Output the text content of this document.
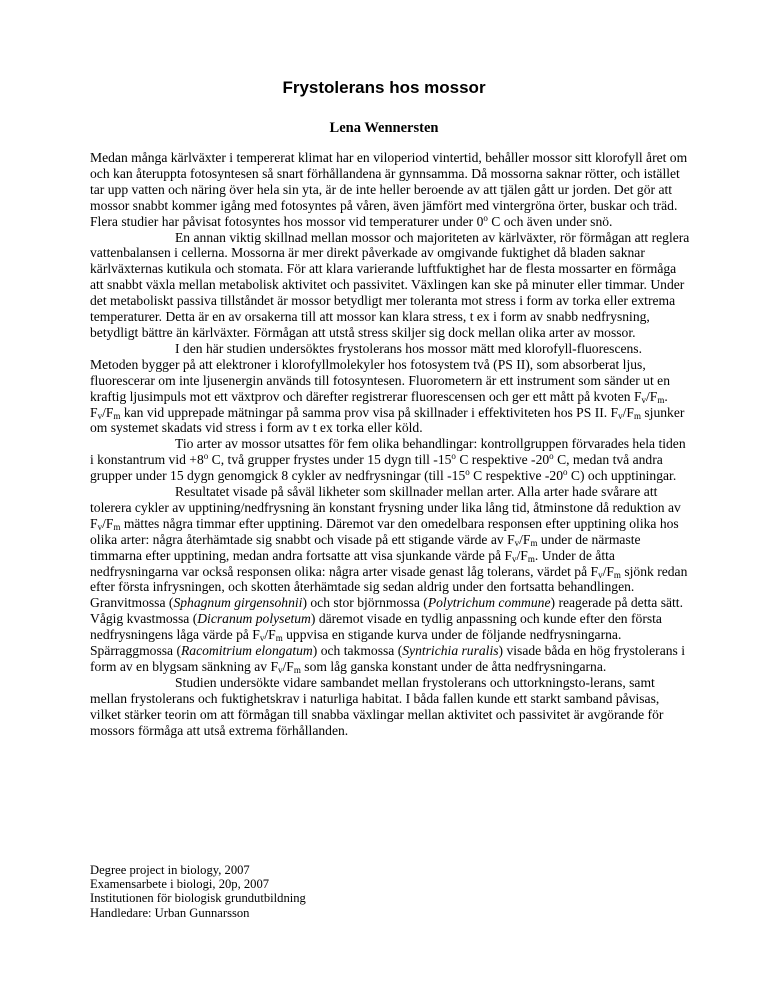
Frystolerans hos mossor
Lena Wennersten

Medan många kärlväxter i tempererat klimat har en viloperiod vintertid, behåller mossor sitt klorofyll året om och kan återuppta fotosyntesen så snart förhållandena är gynnsamma. Då mossorna saknar rötter, och istället tar upp vatten och näring över hela sin yta, är de inte heller beroende av att tjälen gått ur jorden. Det gör att mossor snabbt kommer igång med fotosyntes på våren, även jämfört med vintergröna örter, buskar och träd. Flera studier har påvisat fotosyntes hos mossor vid temperaturer under 0$^o$ C och även under snö.

En annan viktig skillnad mellan mossor och majoriteten av kärlväxter, rör förmågan att reglera vattenbalansen i cellerna. Mossorna är mer direkt påverkade av omgivande fuktighet då bladen saknar kärlväxternas kutikula och stomata. För att klara varierande luftfuktighet har de flesta mossarter en förmåga att snabbt växla mellan metabolisk aktivitet och passivitet. Växlingen kan ske på minuter eller timmar. Under det metaboliskt passiva tillståndet är mossor betydligt mer toleranta mot stress i form av torka eller extrema temperaturer. Detta är en av orsakerna till att mossor kan klara stress, t ex i form av snabb nedfrysning, betydligt bättre än kärlväxter. Förmågan att utstå stress skiljer sig dock mellan olika arter av mossor.

I den här studien undersöktes frystolerans hos mossor mätt med klorofyll-fluorescens. Metoden bygger på att elektroner i klorofyllmolekyler hos fotosystem två (PS II), som absorberat ljus, fluorescerar om inte ljusenergin används till fotosyntesen. Fluorometern är ett instrument som sänder ut en kraftig ljusimpuls mot ett växtprov och därefter registrerar fluorescensen och ger ett mått på kvoten $F_v/F_m$. $F_v/F_m$ kan vid upprepade mätningar på samma prov visa på skillnader i effektiviteten hos PS II. $F_v/F_m$ sjunker om systemet skadats vid stress i form av t ex torka eller köld.

Tio arter av mossor utsattes för fem olika behandlingar: kontrollgruppen förvarades hela tiden i konstantrum vid $+8^o$ C, två grupper frystes under 15 dygn till -15$^o$ C respektive -20$^o$ C, medan två andra grupper under 15 dygn genomgick 8 cykler av nedfrysningar (till -15$^o$ C respektive -20$^o$ C) och upptiningar.

Resultatet visade på såväl likheter som skillnader mellan arter. Alla arter hade svårare att tolerera cykler av upptining/nedfrysning än konstant frysning under lika lång tid, åtminstone då reduktion av $F_v/F_m$ mättes några timmar efter upptining. Däremot var den omedelbara responsen efter upptining olika hos olika arter: några återhämtade sig snabbt och visade på ett stigande värde av $F_v/F_m$ under de närmaste timmarna efter upptining, medan andra fortsatte att visa sjunkande värde på $F_v/F_m$. Under de åtta nedfrysningarna var också responsen olika: några arter visade genast låg tolerans, värdet på $F_v/F_m$ sjönk redan efter första infrysningen, och skotten återhämtade sig sedan aldrig under den fortsatta behandlingen. Granvitmossa (Sphagnum girgensohnii) och stor björnmossa (Polytrichum commune) reagerade på detta sätt. Vågig kvastmossa (Dicranum polysetum) däremot visade en tydlig anpassning och kunde efter den första nedfrysningens låga värde på $F_v/F_m$ uppvisa en stigande kurva under de följande nedfrysningarna. Spärraggmossa (Racomitrium elongatum) och takmossa (Syntrichia ruralis) visade båda en hög frystolerans i form av en blygsam sänkning av $F_v/F_m$ som låg ganska konstant under de åtta nedfrysningarna.

Studien undersökte vidare sambandet mellan frystolerans och uttorkningsto-lerans, samt mellan frystolerans och fuktighetskrav i naturliga habitat. I båda fallen kunde ett starkt samband påvisas, vilket stärker teorin om att förmågan till snabba växlingar mellan aktivitet och passivitet är avgörande för mossors förmåga att utså extrema förhållanden.

Degree project in biology, 2007
Examensarbete i biologi, 20p, 2007
Institutionen för biologisk grundutbildning
Handledare: Urban Gunnarsson
